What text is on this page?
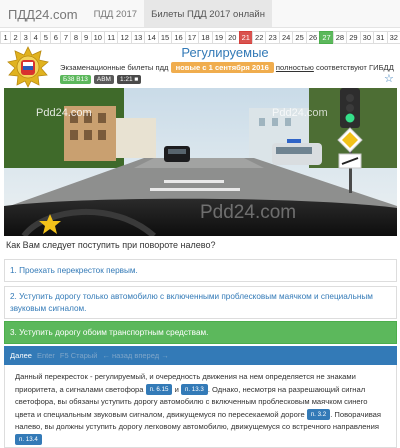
ПДД24.com	ПДД 2017	Билеты ПДД 2017 онлайн
1 2 3 4 5 6 7 8 9 10 11 12 13 14 15 16 17 18 19 20 21 22 23 24 25 26 27 28 29 30 31 32
Регулируемые
Экзаменационные билеты пдд новые с 1 сентября 2016 полностью соответствуют ГИБДД
Б38 В13	ABM	1:21 ■	☆
Pdd24.com	Pdd24.com
Pdd24.com
Как Вам следует поступить при повороте налево?
1. Проехать перекресток первым.
2. Уступить дорогу только автомобилю с включенными проблесковым маячком и специальным звуковым сигналом.
3. Уступить дорогу обоим транспортным средствам.
Далее Enter F5 Старый ← назад вперед →
Данный перекресток - регулируемый, и очередность движения на нем определяется не знаками приоритета, а сигналами светофора п. 6.15 и п. 13.3 . Однако, несмотря на разрешающий сигнал светофора, вы обязаны уступить дорогу автомобилю с включенным проблесковым маячком синего цвета и специальным звуковым сигналом, движущемуся по пересекаемой дороге п. 3.2 . Поворачивая налево, вы должны уступить дорогу легковому автомобилю, движущемуся со встречного направления п. 13.4
